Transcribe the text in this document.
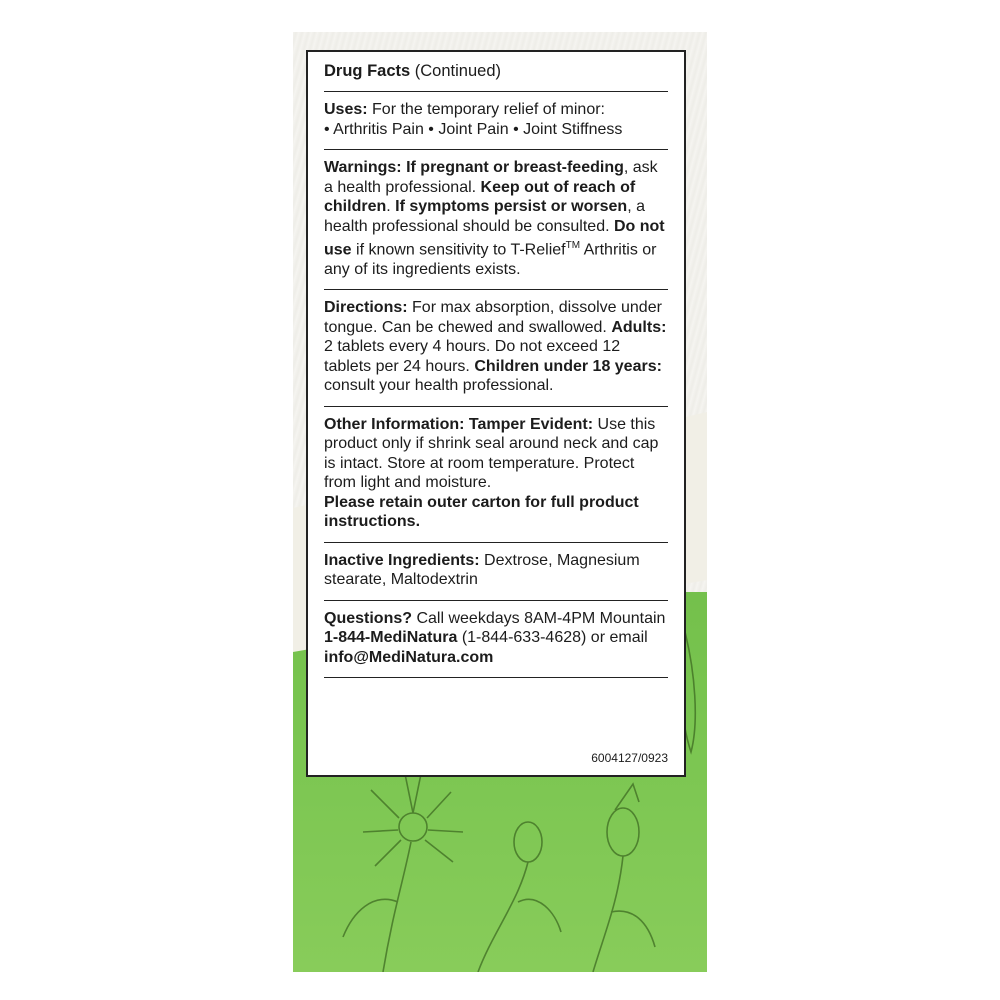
Drug Facts (Continued)
Uses: For the temporary relief of minor:
• Arthritis Pain • Joint Pain • Joint Stiffness
Warnings: If pregnant or breast-feeding, ask a health professional. Keep out of reach of children. If symptoms persist or worsen, a health professional should be consulted. Do not use if known sensitivity to T-Relief™ Arthritis or any of its ingredients exists.
Directions: For max absorption, dissolve under tongue. Can be chewed and swallowed. Adults: 2 tablets every 4 hours. Do not exceed 12 tablets per 24 hours. Children under 18 years: consult your health professional.
Other Information: Tamper Evident: Use this product only if shrink seal around neck and cap is intact. Store at room temperature. Protect from light and moisture.
Please retain outer carton for full product instructions.
Inactive Ingredients: Dextrose, Magnesium stearate, Maltodextrin
Questions? Call weekdays 8AM-4PM Mountain 1-844-MediNatura (1-844-633-4628) or email info@MediNatura.com
6004127/0923
